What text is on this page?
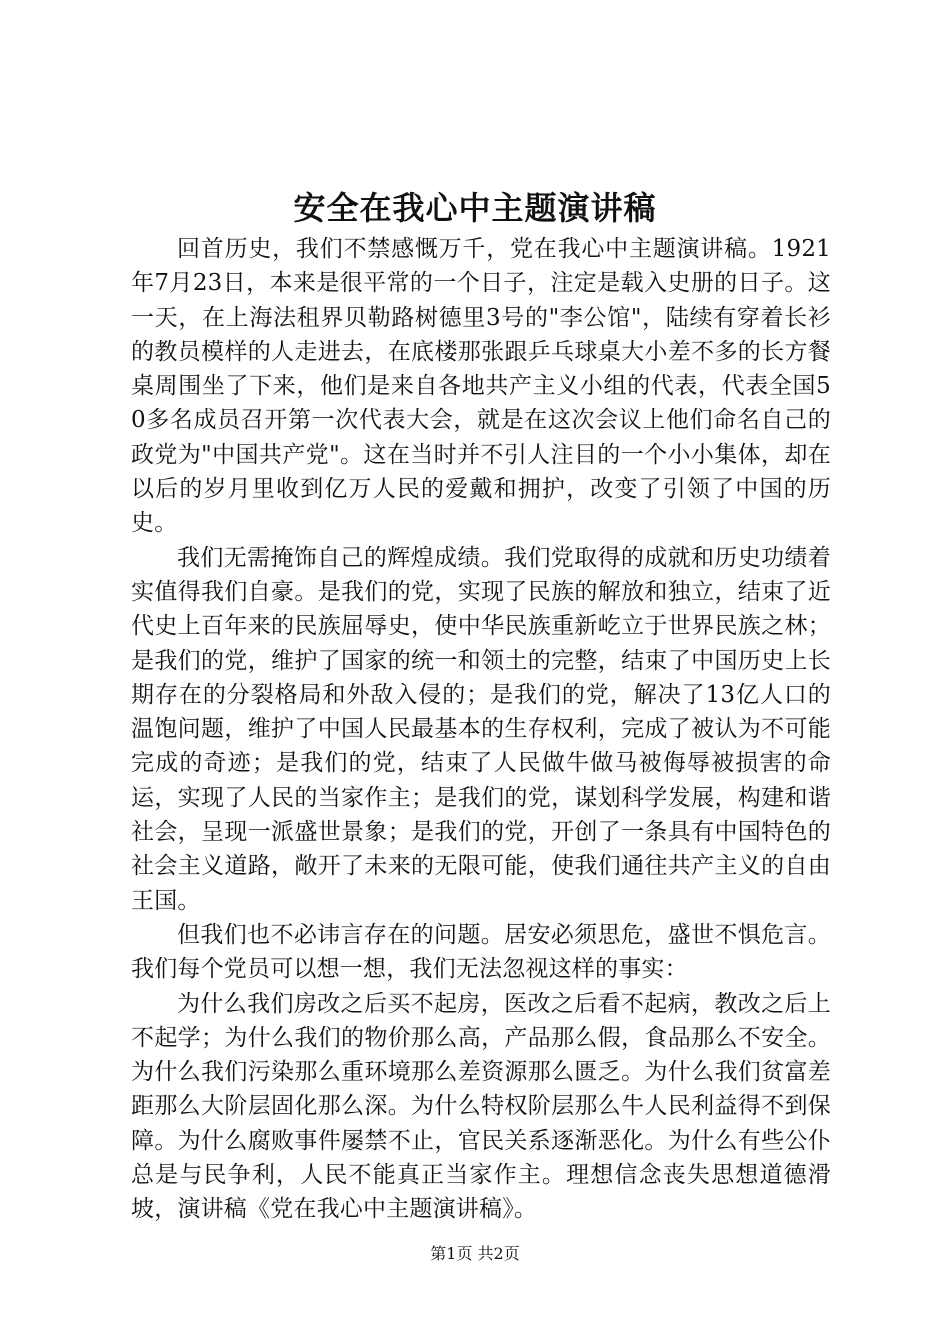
安全在我心中主题演讲稿

回首历史，我们不禁感慨万千，党在我心中主题演讲稿。1921年7月23日，本来是很平常的一个日子，注定是载入史册的日子。这一天，在上海法租界贝勒路树德里3号的"李公馆"，陆续有穿着长衫的教员模样的人走进去，在底楼那张跟乒乓球桌大小差不多的长方餐桌周围坐了下来，他们是来自各地共产主义小组的代表，代表全国50多名成员召开第一次代表大会，就是在这次会议上他们命名自己的政党为"中国共产党"。这在当时并不引人注目的一个小小集体，却在以后的岁月里收到亿万人民的爱戴和拥护，改变了引领了中国的历史。

我们无需掩饰自己的辉煌成绩。我们党取得的成就和历史功绩着实值得我们自豪。是我们的党，实现了民族的解放和独立，结束了近代史上百年来的民族屈辱史，使中华民族重新屹立于世界民族之林；是我们的党，维护了国家的统一和领土的完整，结束了中国历史上长期存在的分裂格局和外敌入侵的；是我们的党，解决了13亿人口的温饱问题，维护了中国人民最基本的生存权利，完成了被认为不可能完成的奇迹；是我们的党，结束了人民做牛做马被侮辱被损害的命运，实现了人民的当家作主；是我们的党，谋划科学发展，构建和谐社会，呈现一派盛世景象；是我们的党，开创了一条具有中国特色的社会主义道路，敞开了未来的无限可能，使我们通往共产主义的自由王国。

但我们也不必讳言存在的问题。居安必须思危，盛世不惧危言。我们每个党员可以想一想，我们无法忽视这样的事实：

为什么我们房改之后买不起房，医改之后看不起病，教改之后上不起学；为什么我们的物价那么高，产品那么假，食品那么不安全。为什么我们污染那么重环境那么差资源那么匮乏。为什么我们贫富差距那么大阶层固化那么深。为什么特权阶层那么牛人民利益得不到保障。为什么腐败事件屡禁不止，官民关系逐渐恶化。为什么有些公仆总是与民争利，人民不能真正当家作主。理想信念丧失思想道德滑坡，演讲稿《党在我心中主题演讲稿》。

第1页 共2页
